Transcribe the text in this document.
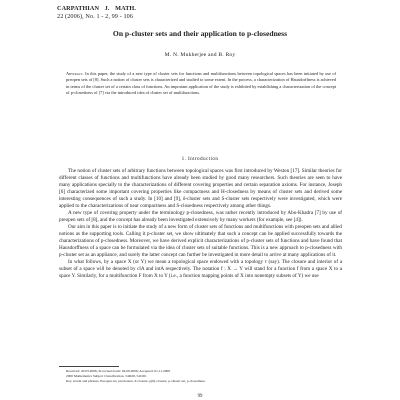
CARPATHIAN J. MATH.
22 (2006), No. 1 - 2, 99 - 106
On p-cluster sets and their application to p-closedness
M. N. Mukherjee and B. Roy
Abstract. In this paper, the study of a new type of cluster sets for functions and multifunctions between topological spaces has been initiated by use of preopen sets of [8]. Such a notion of cluster sets is characterized and studied to some extent. In the process, a characterization of Hausdorffness is achieved in terms of the cluster set of a certain class of functions. An important application of the study is exhibited by establishing a characterization of the concept of p-closedness of [7] via the introduced idea of cluster set of multifunctions.
1. Introduction

The notion of cluster sets of arbitrary functions between topological spaces was first introduced by Weston [17]. Similar theories for different classes of functions and multifunctions have already been studied by good many researchers. Such theories are seen to have many applications specially to the characterizations of different covering properties and certain separation axioms. For instance, Joseph [6] characterized some important covering properties like compactness and H-closedness by means of cluster sets and derived some interesting consequences of such a study. In [10] and [9], δ-cluster sets and S-cluster sets respectively were investigated, which were applied to the characterizations of near compactness and S-closedness respectively among other things.

A new type of covering property under the terminology p-closedness, was rather recently introduced by Abo-Khadra [7] by use of preopen sets of [8], and the concept has already been investigated extensively by many workers (for example, see [4]).

Our aim in this paper is to initiate the study of a new form of cluster sets of functions and multifunctions with preopen sets and allied notions as the supporting tools. Calling it p-cluster set, we show ultimately that such a concept can be applied successfully towards the characterizations of p-closedness. Moreover, we have derived explicit characterizations of p-cluster sets of functions and have found that Hausdorffness of a space can be formulated via the idea of cluster sets of suitable functions. This is a new approach to p-closedness with p-cluster set as an appliance, and surely the latter concept can further be investigated in more detail to arrive at many applications of it.

In what follows, by a space X (or Y) we mean a topological space endowed with a topology τ (say). The closure and interior of a subset of a space will be denoted by clA and intA respectively. The notation f : X → Y will stand for a function f from a space X to a space Y. Similarly, for a multifunction F from X to Y (i.e., a function mapping points of X into nonempty subsets of Y) we use

Received: 20.03.2006; In revised form: 04.09.2006; Accepted: 01.11.2006
2000 Mathematics Subject Classification. 54D20, 54C60.
Key words and phrases. Preopen set, preclosure, θ-closure, p(θ)-closure, p-cluster set, p-closedness.
99
